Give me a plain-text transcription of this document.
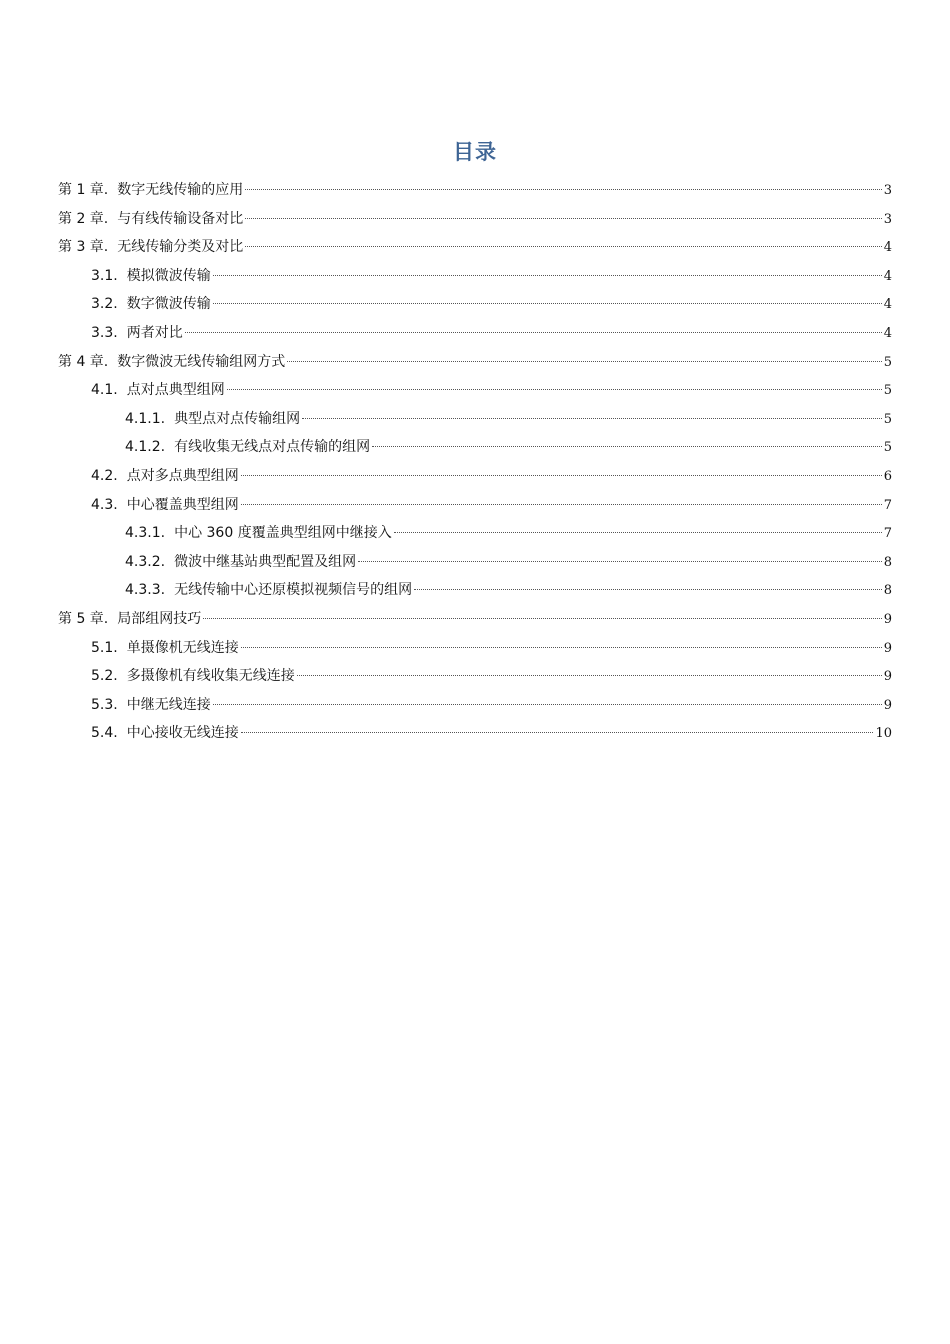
目录
第 1 章. 数字无线传输的应用	3
第 2 章. 与有线传输设备对比	3
第 3 章. 无线传输分类及对比	4
3.1. 模拟微波传输	4
3.2. 数字微波传输	4
3.3. 两者对比	4
第 4 章. 数字微波无线传输组网方式	5
4.1. 点对点典型组网	5
4.1.1. 典型点对点传输组网	5
4.1.2. 有线收集无线点对点传输的组网	5
4.2. 点对多点典型组网	6
4.3. 中心覆盖典型组网	7
4.3.1. 中心 360 度覆盖典型组网中继接入	7
4.3.2. 微波中继基站典型配置及组网	8
4.3.3. 无线传输中心还原模拟视频信号的组网	8
第 5 章. 局部组网技巧	9
5.1. 单摄像机无线连接	9
5.2. 多摄像机有线收集无线连接	9
5.3. 中继无线连接	9
5.4. 中心接收无线连接	10
